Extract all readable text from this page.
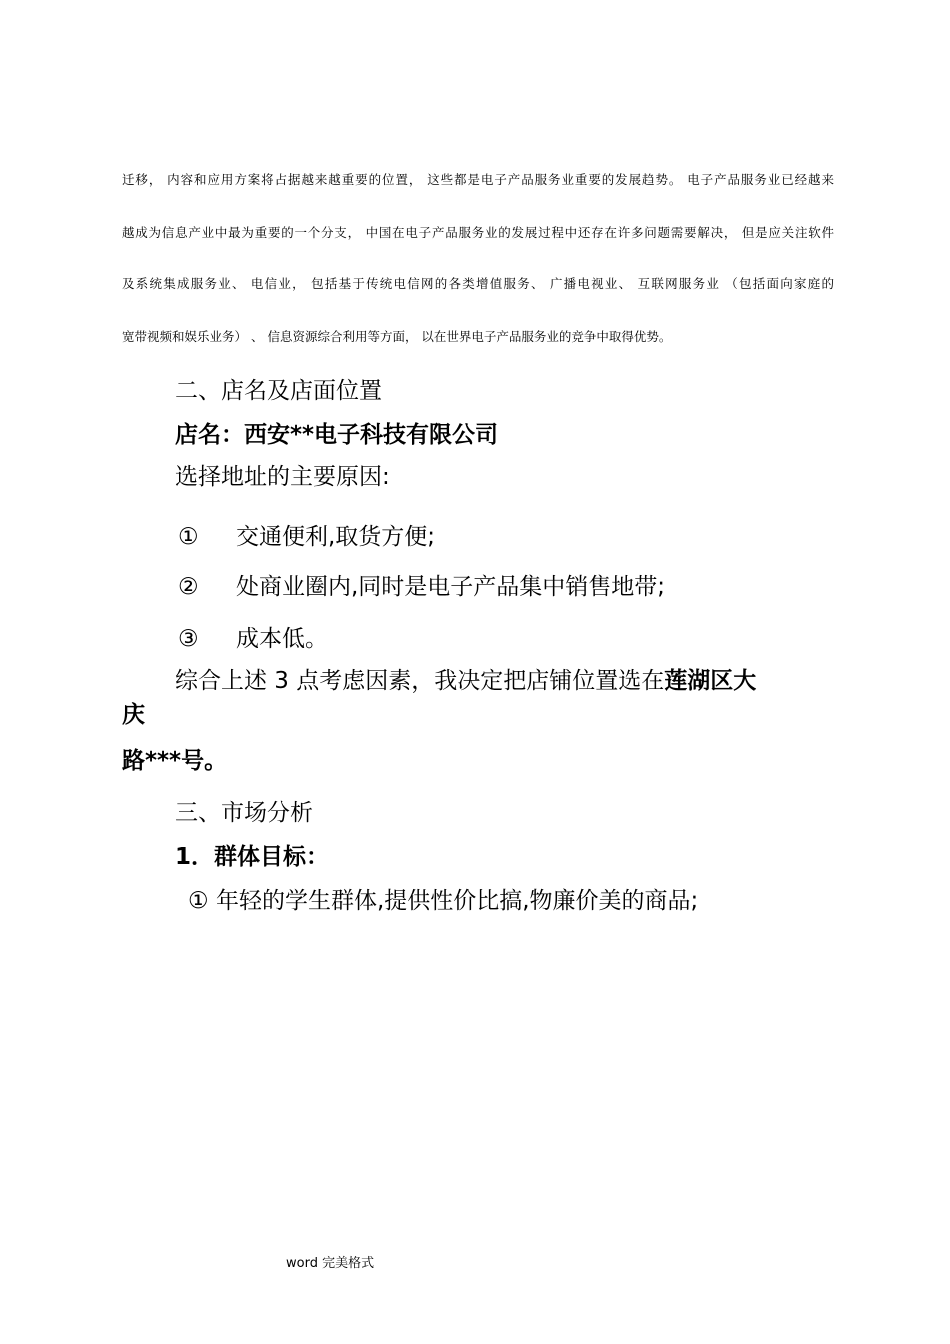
迁移， 内容和应用方案将占据越来越重要的位置， 这些都是电子产品服务业重要的发展趋势。 电子产品服务业已经越来
越成为信息产业中最为重要的一个分支， 中国在电子产品服务业的发展过程中还存在许多问题需要解决， 但是应关注软件
及系统集成服务业、 电信业， 包括基于传统电信网的各类增值服务、 广播电视业、 互联网服务业 （包括面向家庭的
宽带视频和娱乐业务） 、 信息资源综合利用等方面， 以在世界电子产品服务业的竞争中取得优势。
二、店名及店面位置
店名：西安**电子科技有限公司
选择地址的主要原因:
① 交通便利,取货方便;
② 处商业圈内,同时是电子产品集中销售地带;
③ 成本低。
综合上述 3 点考虑因素，我决定把店铺位置选在莲湖区大
庆
路***号。
三、市场分析
1．群体目标：
① 年轻的学生群体,提供性价比搞,物廉价美的商品;
word 完美格式
